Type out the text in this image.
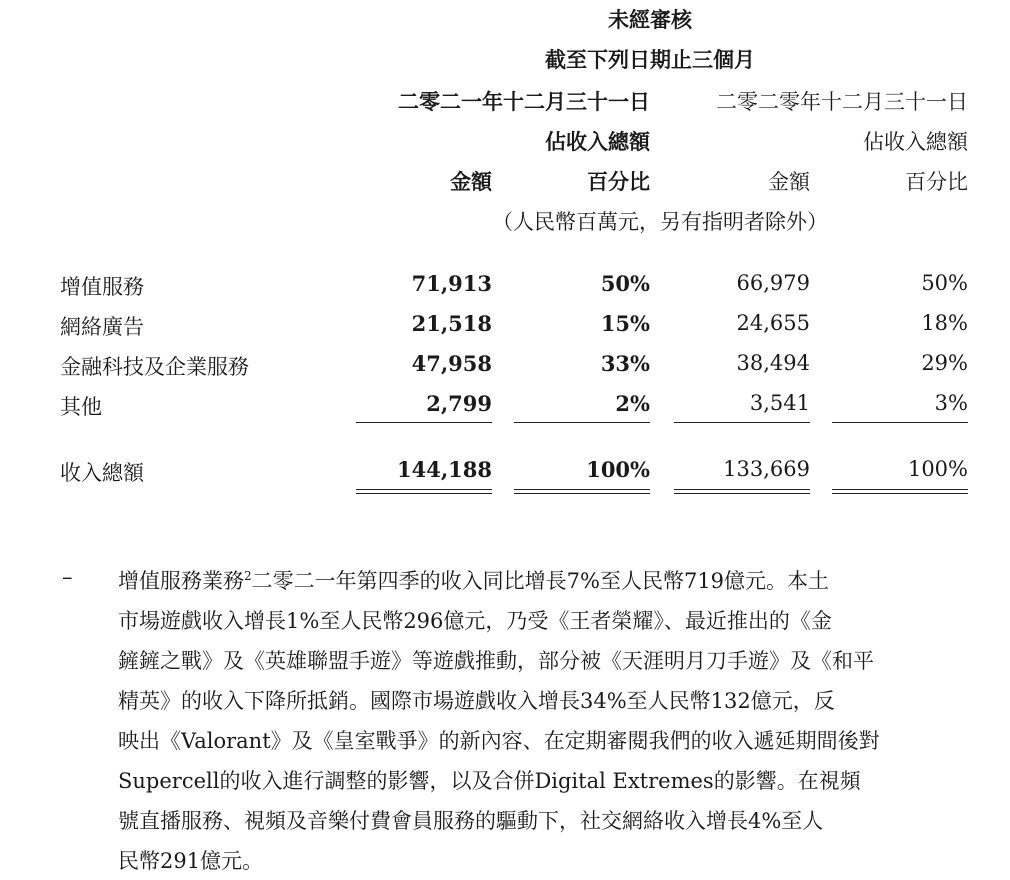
未經審核
截至下列日期止三個月
二零二一年十二月三十一日	二零二零年十二月三十一日
佔收入總額	佔收入總額
金額	百分比	金額	百分比
（人民幣百萬元，另有指明者除外）
增值服務	71,913	50%	66,979	50%
網絡廣告	21,518	15%	24,655	18%
金融科技及企業服務	47,958	33%	38,494	29%
其他	2,799	2%	3,541	3%
收入總額	144,188	100%	133,669	100%
– 增值服務業務$^2$二零二一年第四季的收入同比增長7%至人民幣719億元。本土
市場遊戲收入增長1%至人民幣296億元，乃受《王者榮耀》、最近推出的《金
鏟鏟之戰》及《英雄聯盟手遊》等遊戲推動，部分被《天涯明月刀手遊》及《和平
精英》的收入下降所抵銷。國際市場遊戲收入增長34%至人民幣132億元，反
映出《Valorant》及《皇室戰爭》的新內容、在定期審閱我們的收入遞延期間後對
Supercell的收入進行調整的影響，以及合併Digital Extremes的影響。在視頻
號直播服務、視頻及音樂付費會員服務的驅動下，社交網絡收入增長4%至人
民幣291億元。
